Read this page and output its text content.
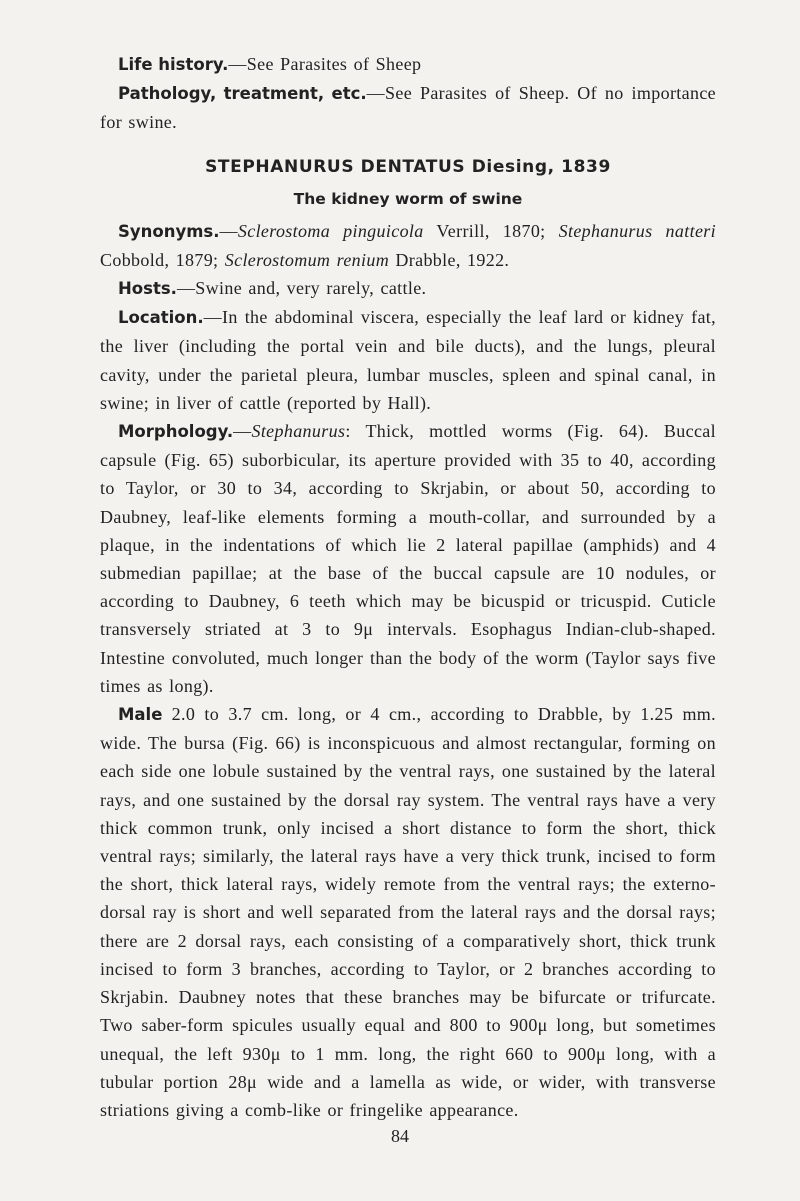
Life history.—See Parasites of Sheep

Pathology, treatment, etc.—See Parasites of Sheep. Of no importance for swine.

STEPHANURUS DENTATUS Diesing, 1839
The kidney worm of swine

Synonyms.—Sclerostoma pinguicola Verrill, 1870; Stephanurus natteri Cobbold, 1879; Sclerostomum renium Drabble, 1922.

Hosts.—Swine and, very rarely, cattle.

Location.—In the abdominal viscera, especially the leaf lard or kidney fat, the liver (including the portal vein and bile ducts), and the lungs, pleural cavity, under the parietal pleura, lumbar muscles, spleen and spinal canal, in swine; in liver of cattle (reported by Hall).

Morphology.—Stephanurus: Thick, mottled worms (Fig. 64). Buccal capsule (Fig. 65) suborbicular, its aperture provided with 35 to 40, according to Taylor, or 30 to 34, according to Skrjabin, or about 50, according to Daubney, leaf-like elements forming a mouth-collar, and surrounded by a plaque, in the indentations of which lie 2 lateral papillae (amphids) and 4 submedian papillae; at the base of the buccal capsule are 10 nodules, or according to Daubney, 6 teeth which may be bicuspid or tricuspid. Cuticle transversely striated at 3 to 9μ intervals. Esophagus Indian-club-shaped. Intestine convoluted, much longer than the body of the worm (Taylor says five times as long).

Male 2.0 to 3.7 cm. long, or 4 cm., according to Drabble, by 1.25 mm. wide. The bursa (Fig. 66) is inconspicuous and almost rectangular, forming on each side one lobule sustained by the ventral rays, one sustained by the lateral rays, and one sustained by the dorsal ray system. The ventral rays have a very thick common trunk, only incised a short distance to form the short, thick ventral rays; similarly, the lateral rays have a very thick trunk, incised to form the short, thick lateral rays, widely remote from the ventral rays; the externo-dorsal ray is short and well separated from the lateral rays and the dorsal rays; there are 2 dorsal rays, each consisting of a comparatively short, thick trunk incised to form 3 branches, according to Taylor, or 2 branches according to Skrjabin. Daubney notes that these branches may be bifurcate or trifurcate. Two saber-form spicules usually equal and 800 to 900μ long, but sometimes unequal, the left 930μ to 1 mm. long, the right 660 to 900μ long, with a tubular portion 28μ wide and a lamella as wide, or wider, with transverse striations giving a comb-like or fringelike appearance.

84
